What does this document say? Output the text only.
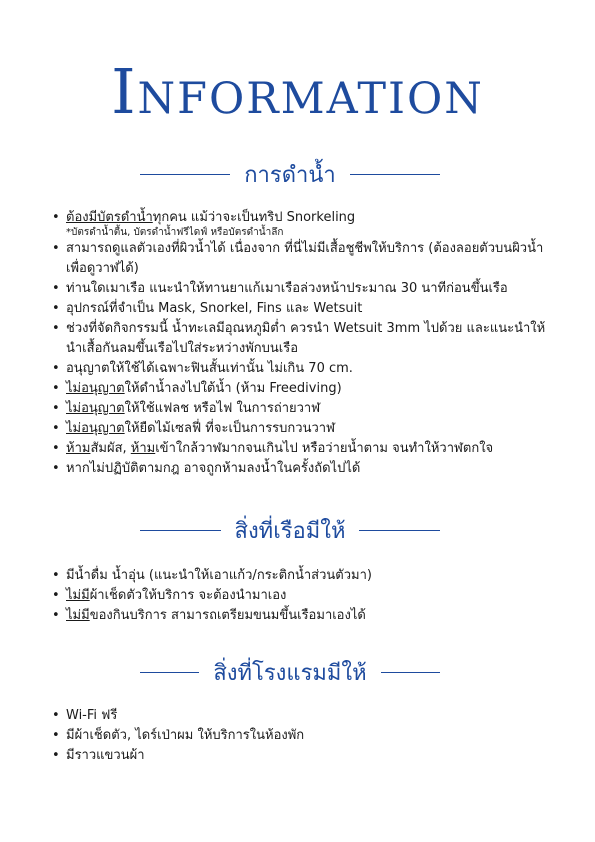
Information
การดำน้ำ
• ต้องมีบัตรดำน้ำทุกคน แม้ว่าจะเป็นทริป Snorkeling
*บัตรดำน้ำตื้น, บัตรดำน้ำฟรีไดฟ์ หรือบัตรดำน้ำลึก
• สามารถดูแลตัวเองที่ผิวน้ำได้ เนื่องจาก ที่นี่ไม่มีเสื้อชูชีพให้บริการ (ต้องลอยตัวบนผิวน้ำเพื่อดูวาฬได้)
• ท่านใดเมาเรือ แนะนำให้ทานยาแก้เมาเรือล่วงหน้าประมาณ 30 นาทีก่อนขึ้นเรือ
• อุปกรณ์ที่จำเป็น Mask, Snorkel, Fins และ Wetsuit
• ช่วงที่จัดกิจกรรมนี้ น้ำทะเลมีอุณหภูมิต่ำ ควรนำ Wetsuit 3mm ไปด้วย และแนะนำให้นำเสื้อกันลมขึ้นเรือไปใส่ระหว่างพักบนเรือ
• อนุญาตให้ใช้ได้เฉพาะฟินสั้นเท่านั้น ไม่เกิน 70 cm.
• ไม่อนุญาตให้ดำน้ำลงไปใต้น้ำ (ห้าม Freediving)
• ไม่อนุญาตให้ใช้แฟลช หรือไฟ ในการถ่ายวาฬ
• ไม่อนุญาตให้ยืดไม้เซลฟี่ ที่จะเป็นการรบกวนวาฬ
• ห้ามสัมผัส, ห้ามเข้าใกล้วาฬมากจนเกินไป หรือว่ายน้ำตาม จนทำให้วาฬตกใจ
• หากไม่ปฏิบัติตามกฎ อาจถูกห้ามลงน้ำในครั้งถัดไปได้
สิ่งที่เรือมีให้
• มีน้ำดื่ม น้ำอุ่น (แนะนำให้เอาแก้ว/กระติกน้ำส่วนตัวมา)
• ไม่มีผ้าเช็ดตัวให้บริการ จะต้องนำมาเอง
• ไม่มีของกินบริการ สามารถเตรียมขนมขึ้นเรือมาเองได้
สิ่งที่โรงแรมมีให้
• Wi-Fi ฟรี
• มีผ้าเช็ดตัว, ไดร์เป่าผม ให้บริการในห้องพัก
• มีราวแขวนผ้า
